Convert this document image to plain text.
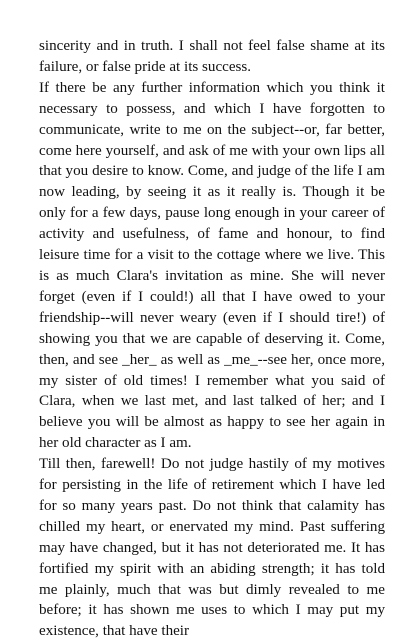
sincerity and in truth. I shall not feel false shame at its failure, or false pride at its success.

If there be any further information which you think it necessary to possess, and which I have forgotten to communicate, write to me on the subject--or, far better, come here yourself, and ask of me with your own lips all that you desire to know. Come, and judge of the life I am now leading, by seeing it as it really is. Though it be only for a few days, pause long enough in your career of activity and usefulness, of fame and honour, to find leisure time for a visit to the cottage where we live. This is as much Clara's invitation as mine. She will never forget (even if I could!) all that I have owed to your friendship--will never weary (even if I should tire!) of showing you that we are capable of deserving it. Come, then, and see _her_ as well as _me_--see her, once more, my sister of old times! I remember what you said of Clara, when we last met, and last talked of her; and I believe you will be almost as happy to see her again in her old character as I am.

Till then, farewell! Do not judge hastily of my motives for persisting in the life of retirement which I have led for so many years past. Do not think that calamity has chilled my heart, or enervated my mind. Past suffering may have changed, but it has not deteriorated me. It has fortified my spirit with an abiding strength; it has told me plainly, much that was but dimly revealed to me before; it has shown me uses to which I may put my existence, that have their
